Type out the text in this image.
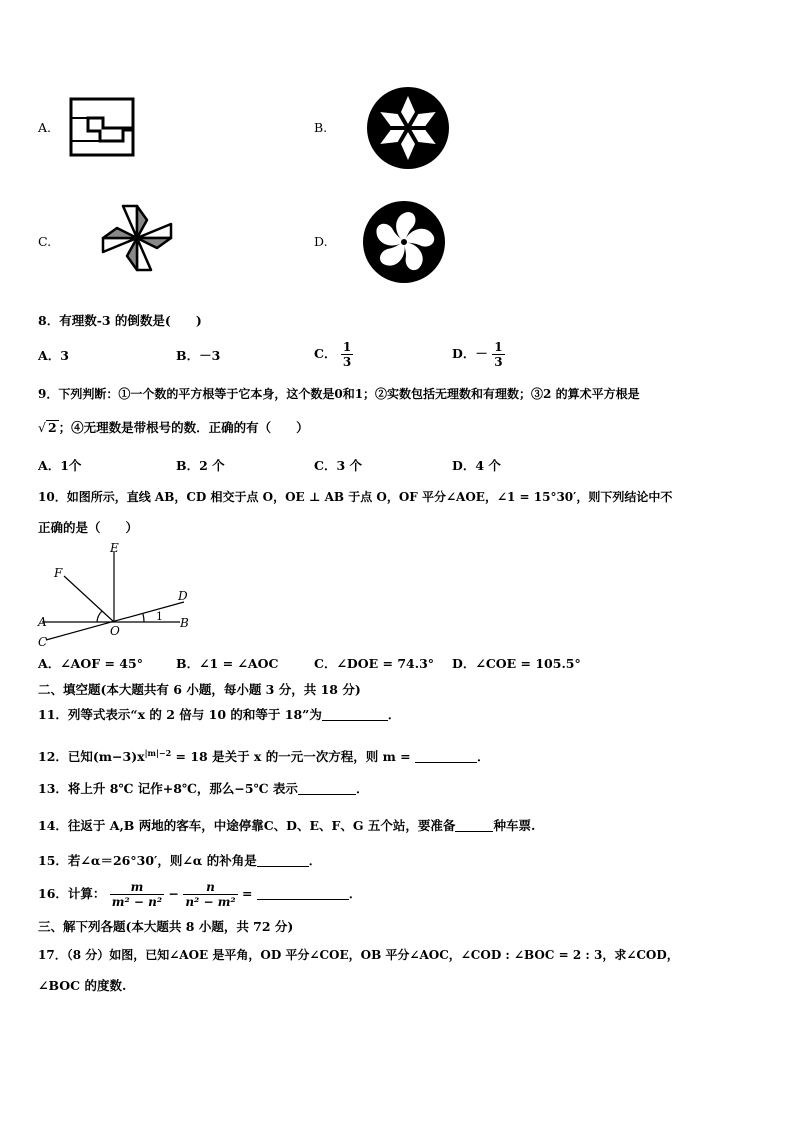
A.	B.
C.	D.
8．有理数-3 的倒数是(　　)
A．3	B．－3	C． $\frac{1}{3}$	D．－ $\frac{1}{3}$
9．下列判断：①一个数的平方根等于它本身，这个数是0和1；②实数包括无理数和有理数；③2 的算术平方根是
√ 2 ；④无理数是带根号的数．正确的有（　　）
A．1个	B．2 个	C．3 个	D．4 个
10．如图所示，直线 AB，CD 相交于点 O，OE ⊥ AB 于点 O，OF 平分∠AOE，∠1 = 15°30′，则下列结论中不
正确的是（　　）
E
F
D
A
O
B
C
1
A．∠AOF = 45°	B．∠1 = ∠AOC	C．∠DOE = 74.3° D．∠COE = 105.5°
二、填空题(本大题共有 6 小题，每小题 3 分，共 18 分)
11．列等式表示“x 的 2 倍与 10 的和等于 18”为	．
12．已知$(m-3)x^{|m|-2} = 18$ 是关于 x 的一元一次方程，则 m =	．
13．将上升 8℃ 记作+8℃，那么−5℃ 表示	．
14．往返于 A,B 两地的客车，中途停靠C、D、E、F、G 五个站，要准备	种车票.
15．若∠α＝26°30′，则∠α 的补角是	．
16．计算： $\frac{m}{\text{m² − n²}} - \frac{n}{\text{n² − m²}}$ =	．
三、解下列各题(本大题共 8 小题，共 72 分)
17．（8 分）如图，已知∠AOE 是平角，OD 平分∠COE，OB 平分∠AOC，∠COD : ∠BOC = 2 : 3，求∠COD，
∠BOC 的度数.
